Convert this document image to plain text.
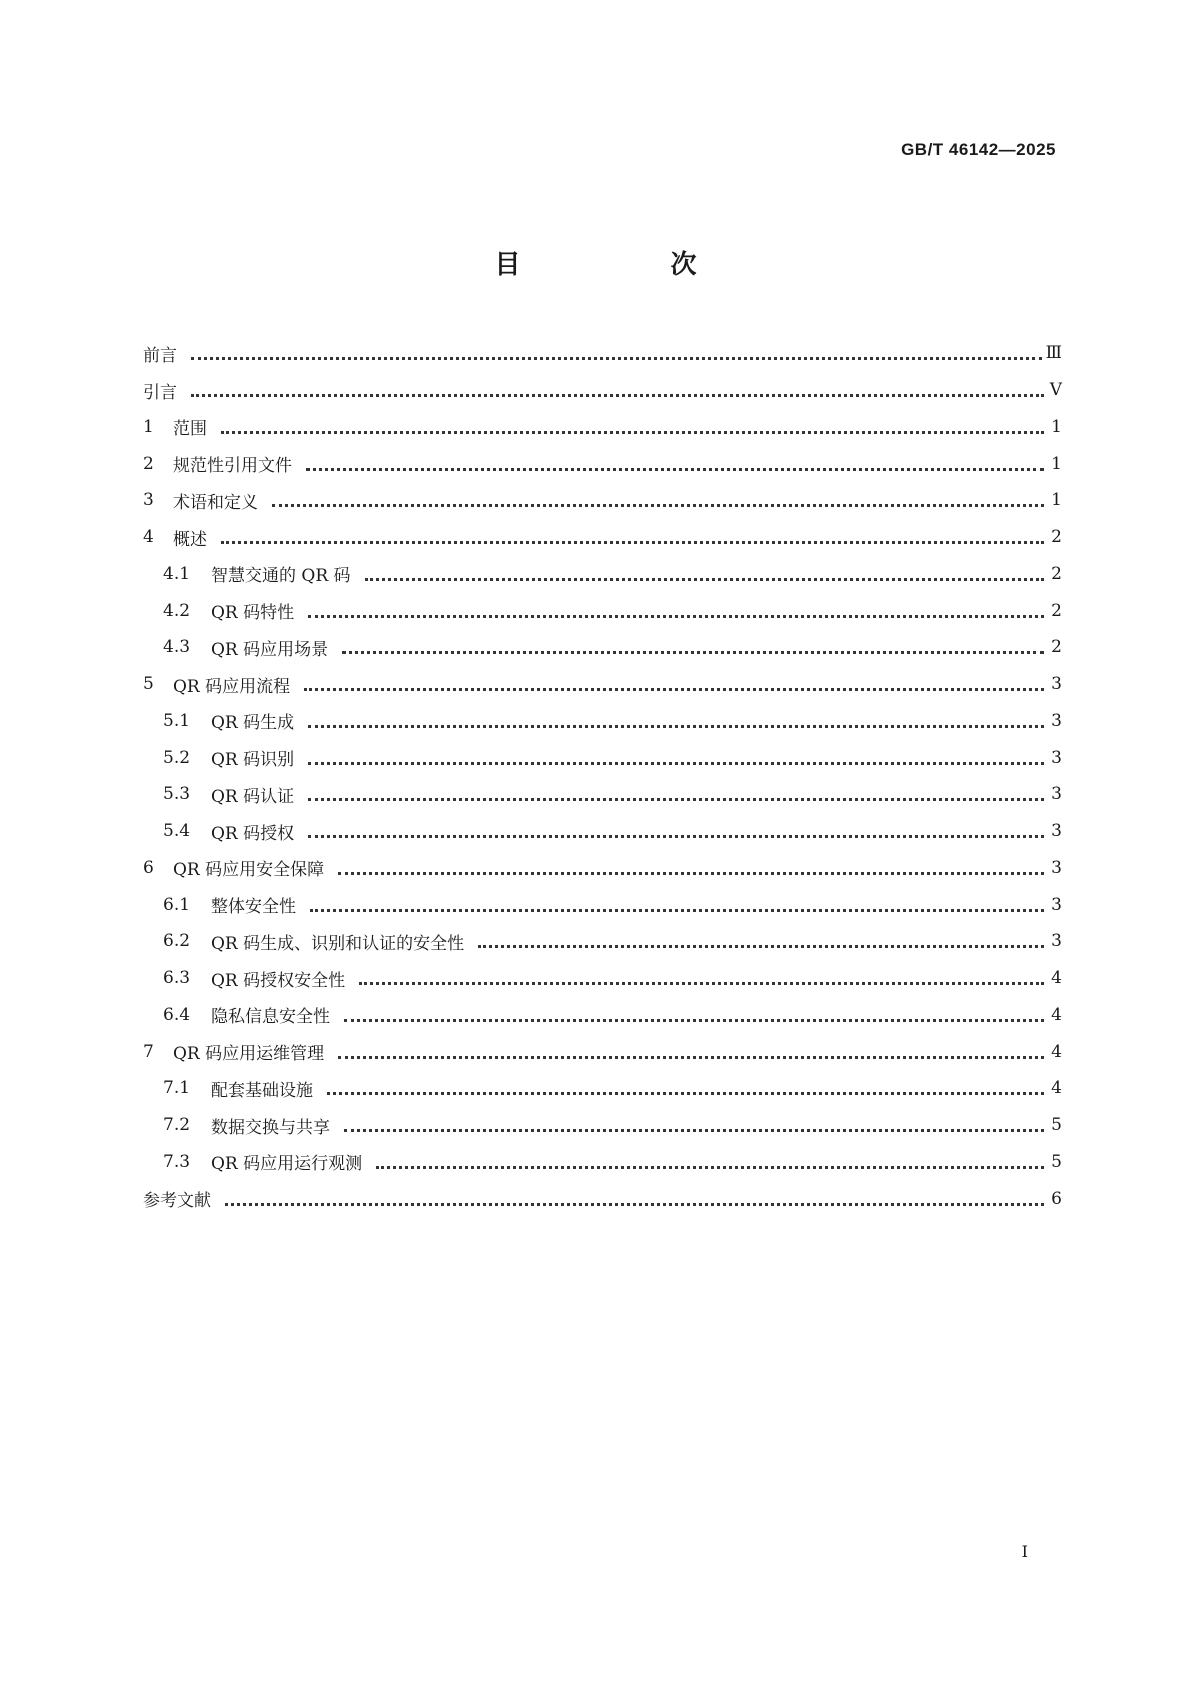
GB/T 46142—2025
目　次
前言	Ⅲ
引言	Ⅴ
1	范围	1
2	规范性引用文件	1
3	术语和定义	1
4	概述	2
4.1	智慧交通的 QR 码	2
4.2	QR 码特性	2
4.3	QR 码应用场景	2
5	QR 码应用流程	3
5.1	QR 码生成	3
5.2	QR 码识别	3
5.3	QR 码认证	3
5.4	QR 码授权	3
6	QR 码应用安全保障	3
6.1	整体安全性	3
6.2	QR 码生成、识别和认证的安全性	3
6.3	QR 码授权安全性	4
6.4	隐私信息安全性	4
7	QR 码应用运维管理	4
7.1	配套基础设施	4
7.2	数据交换与共享	5
7.3	QR 码应用运行观测	5
参考文献	6
Ⅰ
